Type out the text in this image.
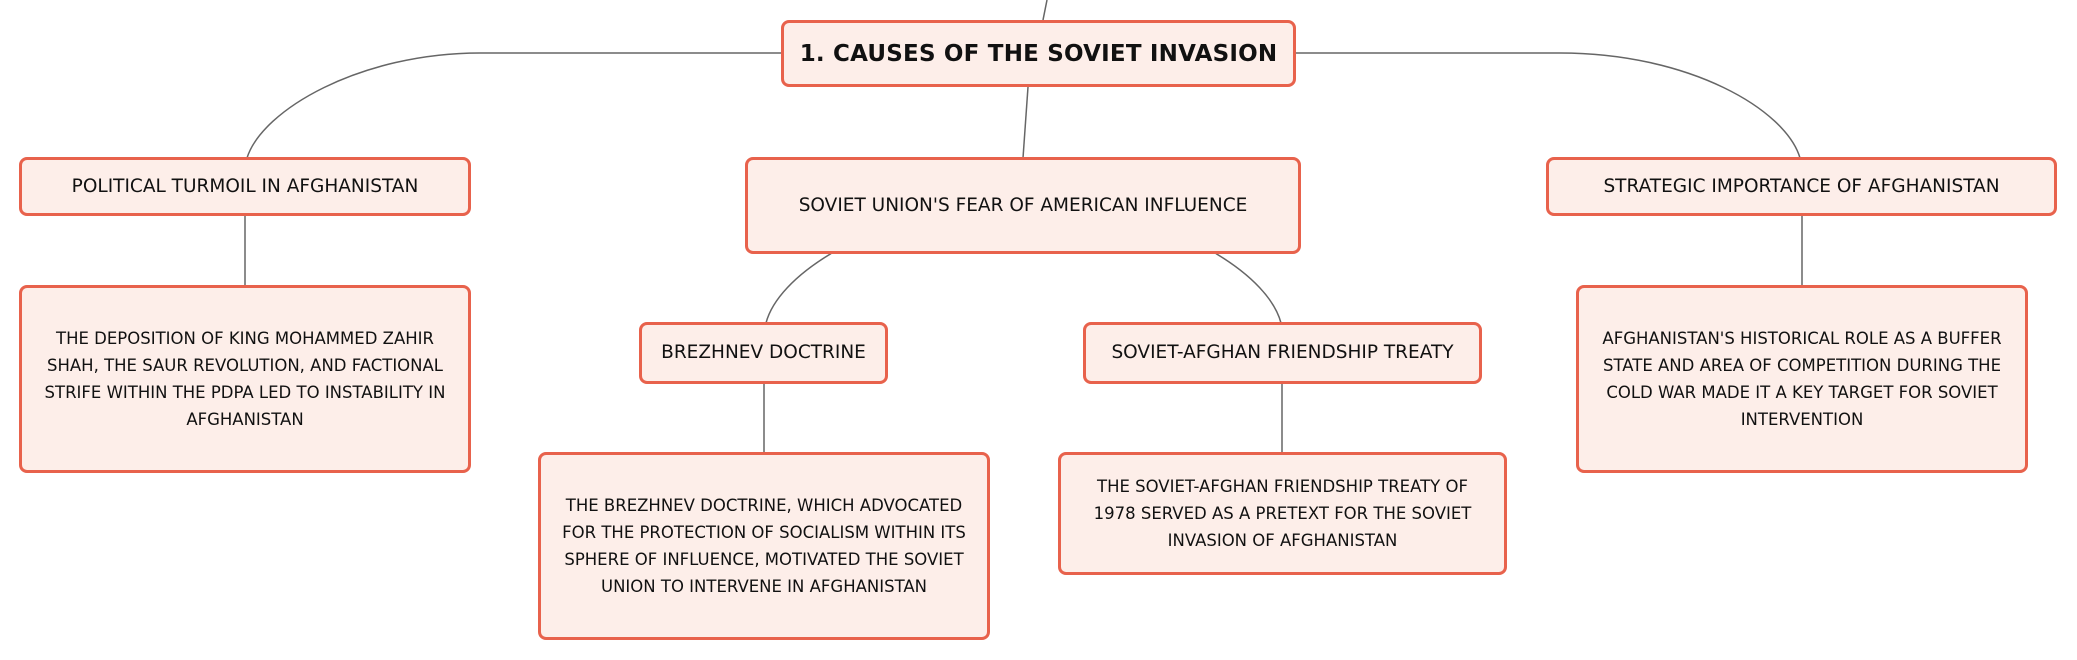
1. CAUSES OF THE SOVIET INVASION
POLITICAL TURMOIL IN AFGHANISTAN
THE DEPOSITION OF KING MOHAMMED ZAHIR SHAH, THE SAUR REVOLUTION, AND FACTIONAL STRIFE WITHIN THE PDPA LED TO INSTABILITY IN AFGHANISTAN
SOVIET UNION'S FEAR OF AMERICAN INFLUENCE
BREZHNEV DOCTRINE
THE BREZHNEV DOCTRINE, WHICH ADVOCATED FOR THE PROTECTION OF SOCIALISM WITHIN ITS SPHERE OF INFLUENCE, MOTIVATED THE SOVIET UNION TO INTERVENE IN AFGHANISTAN
SOVIET-AFGHAN FRIENDSHIP TREATY
THE SOVIET-AFGHAN FRIENDSHIP TREATY OF 1978 SERVED AS A PRETEXT FOR THE SOVIET INVASION OF AFGHANISTAN
STRATEGIC IMPORTANCE OF AFGHANISTAN
AFGHANISTAN'S HISTORICAL ROLE AS A BUFFER STATE AND AREA OF COMPETITION DURING THE COLD WAR MADE IT A KEY TARGET FOR SOVIET INTERVENTION
